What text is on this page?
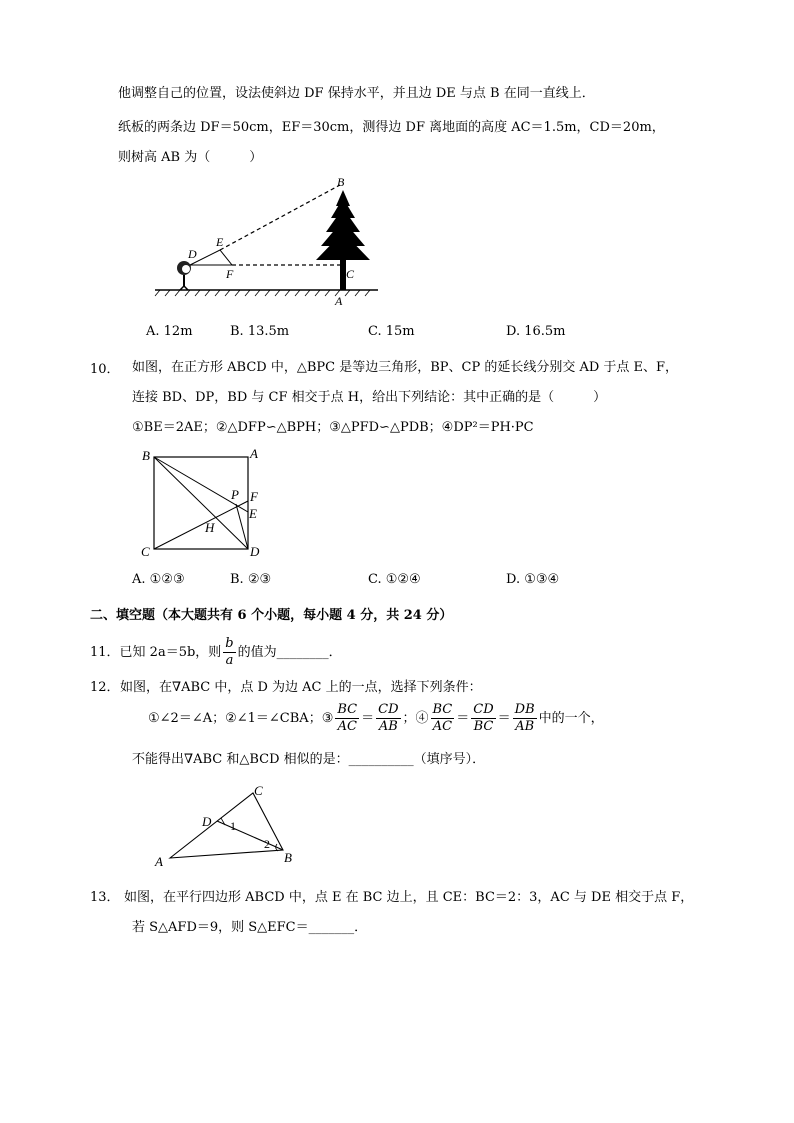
他调整自己的位置，设法使斜边 DF 保持水平，并且边 DE 与点 B 在同一直线上．
纸板的两条边 DF＝50cm，EF＝30cm，测得边 DF 离地面的高度 AC＝1.5m，CD＝20m，
则树高 AB 为（　　　）
B
E
D
F	C
A
A. 12m	B. 13.5m	C. 15m	D. 16.5m
10． 如图，在正方形 ABCD 中，△BPC 是等边三角形，BP、CP 的延长线分别交 AD 于点 E、F，
连接 BD、DP，BD 与 CF 相交于点 H，给出下列结论：其中正确的是（　　　）
①BE＝2AE；②△DFP∽△BPH；③△PFD∽△PDB；④DP²＝PH·PC
B	A
P F
E
H
C	D
A. ①②③	B. ②③	C. ①②④	D. ①③④
二、填空题（本大题共有 6 个小题，每小题 4 分，共 24 分）
11．已知 2a＝5b，则 $\frac{b}{a}$ 的值为________．
12． 如图，在∇ABC 中，点 D 为边 AC 上的一点，选择下列条件：
①∠2＝∠A；②∠1＝∠CBA；③ $\frac{BC}{AC} = \frac{CD}{AB}$ ；④ $\frac{BC}{AC} = \frac{CD}{BC} = \frac{DB}{AB}$ 中的一个，
不能得出∇ABC 和△BCD 相似的是：__________（填序号）．
C
D 1
2
A	B
13． 如图，在平行四边形 ABCD 中，点 E 在 BC 边上，且 CE：BC＝2：3，AC 与 DE 相交于点 F，
若 S△AFD＝9，则 S△EFC＝_______．
